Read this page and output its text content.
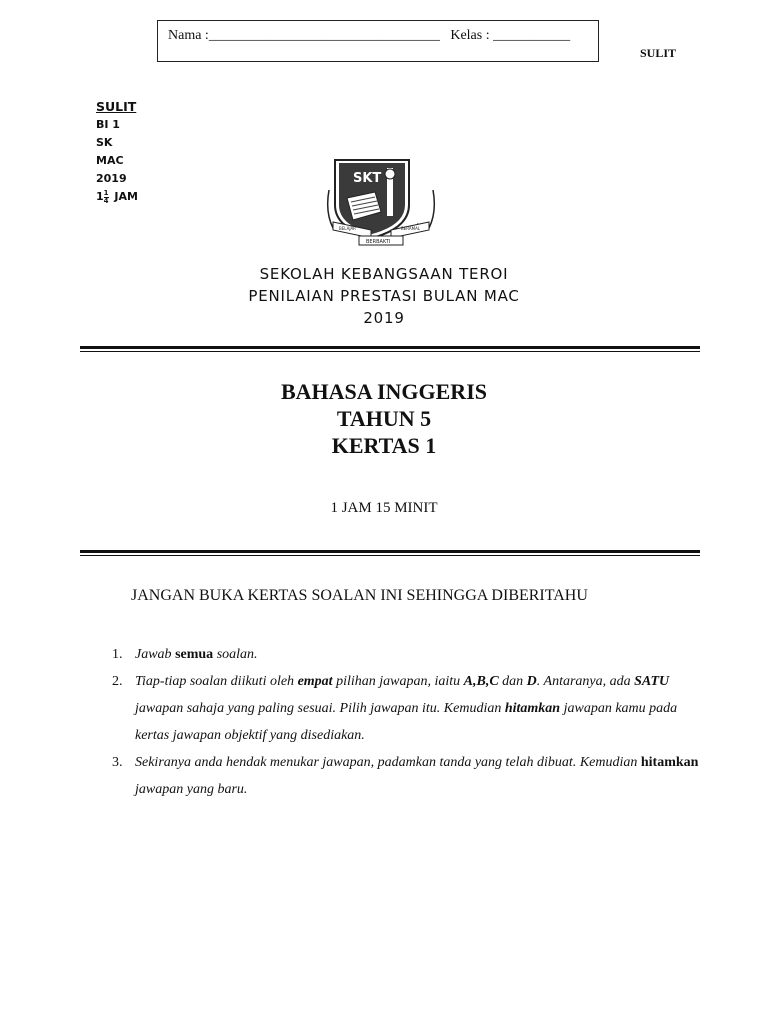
Nama :_________________________________ Kelas : ___________
SULIT
SULIT
BI 1
SK
MAC
2019
$1 \frac{1}{4}$ JAM
SKT
BELAJAR	BERAMAL
BERBAKTI
SEKOLAH KEBANGSAAN TEROI
PENILAIAN PRESTASI BULAN MAC
2019
BAHASA INGGERIS
TAHUN 5
KERTAS 1
1 JAM 15 MINIT
JANGAN BUKA KERTAS SOALAN INI SEHINGGA DIBERITAHU
1. Jawab semua soalan.
2. Tiap-tiap soalan diikuti oleh empat pilihan jawapan, iaitu A,B,C dan D. Antaranya, ada SATU jawapan sahaja yang paling sesuai. Pilih jawapan itu. Kemudian hitamkan jawapan kamu pada kertas jawapan objektif yang disediakan.
3. Sekiranya anda hendak menukar jawapan, padamkan tanda yang telah dibuat. Kemudian hitamkan jawapan yang baru.
